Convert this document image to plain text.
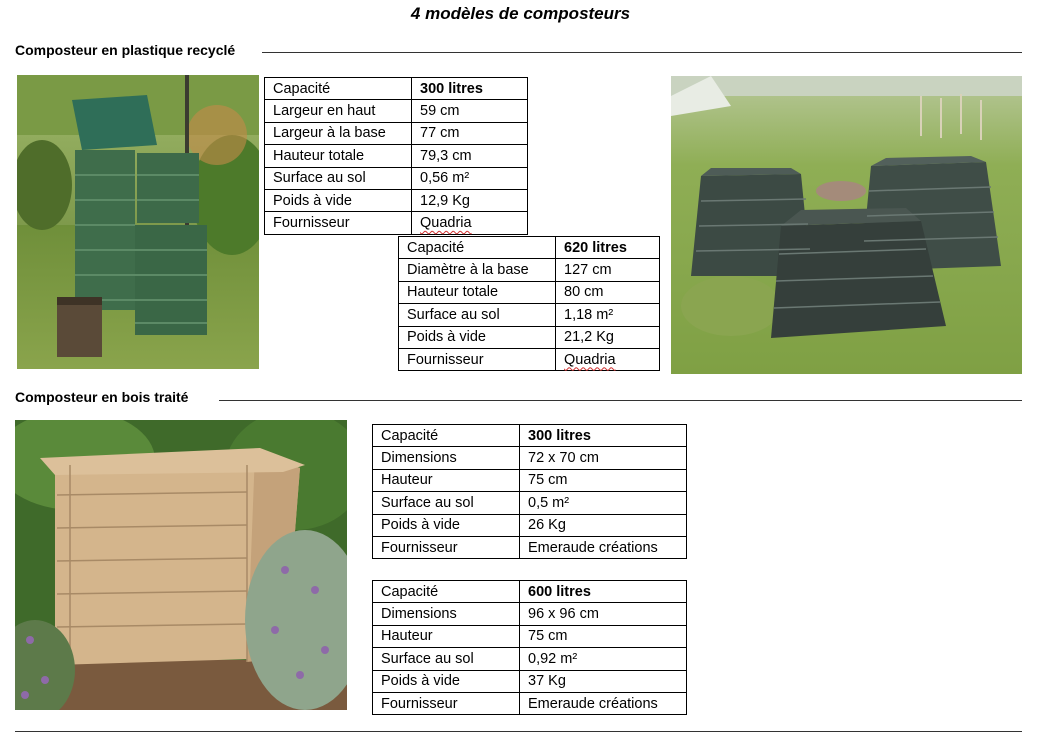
4 modèles de composteurs
Composteur en plastique recyclé
Capacité	300 litres
Largeur en haut	59 cm
Largeur à la base	77 cm
Hauteur totale	79,3 cm
Surface au sol	0,56 m²
Poids à vide	12,9 Kg
Fournisseur	Quadria
Capacité	620 litres
Diamètre à la base	127 cm
Hauteur totale	80 cm
Surface au sol	1,18 m²
Poids à vide	21,2 Kg
Fournisseur	Quadria
Composteur en bois traité
Capacité	300 litres
Dimensions	72 x 70 cm
Hauteur	75 cm
Surface au sol	0,5 m²
Poids à vide	26 Kg
Fournisseur	Emeraude créations
Capacité	600 litres
Dimensions	96 x 96 cm
Hauteur	75 cm
Surface au sol	0,92 m²
Poids à vide	37 Kg
Fournisseur	Emeraude créations
